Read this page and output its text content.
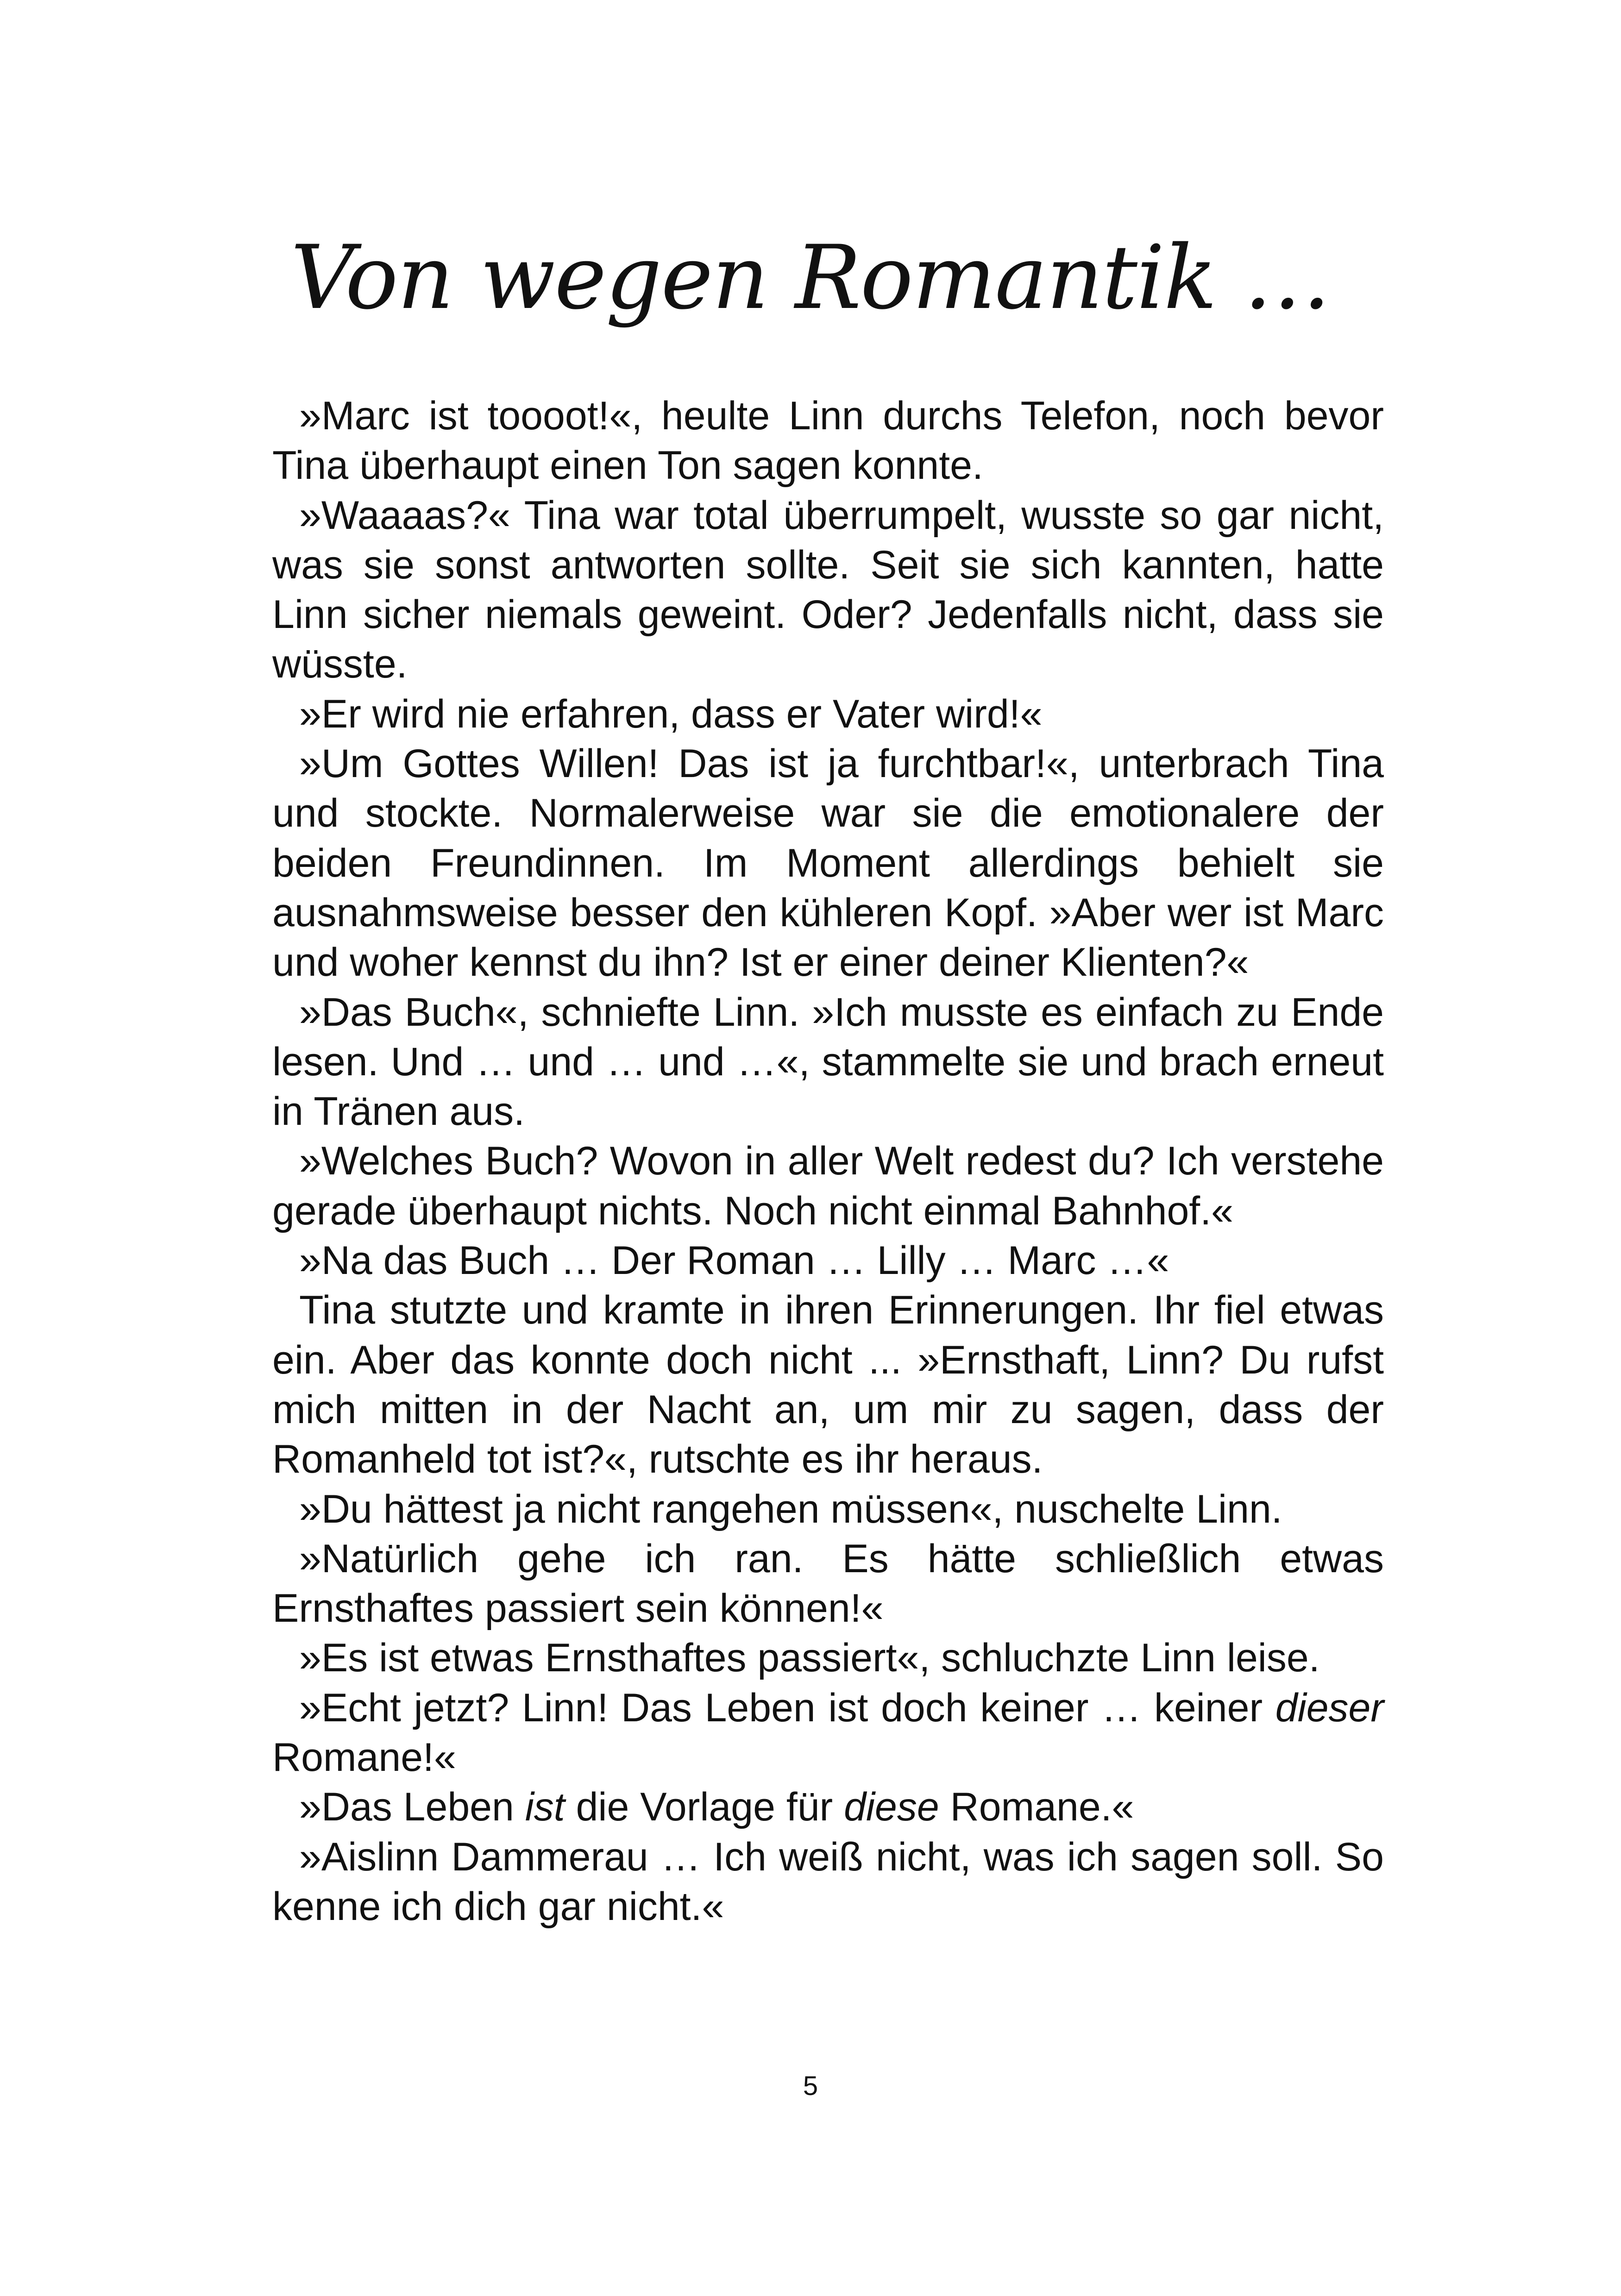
Von wegen Romantik …

»Marc ist toooot!«, heulte Linn durchs Telefon, noch bevor Tina überhaupt einen Ton sagen konnte.

»Waaaas?« Tina war total überrumpelt, wusste so gar nicht, was sie sonst antworten sollte. Seit sie sich kannten, hatte Linn sicher niemals geweint. Oder? Jedenfalls nicht, dass sie wüsste.

»Er wird nie erfahren, dass er Vater wird!«

»Um Gottes Willen! Das ist ja furchtbar!«, unterbrach Tina und stockte. Normalerweise war sie die emotionalere der beiden Freundinnen. Im Moment allerdings behielt sie ausnahmsweise besser den kühleren Kopf. »Aber wer ist Marc und woher kennst du ihn? Ist er einer deiner Klienten?«

»Das Buch«, schniefte Linn. »Ich musste es einfach zu Ende lesen. Und … und … und …«, stammelte sie und brach erneut in Tränen aus.

»Welches Buch? Wovon in aller Welt redest du? Ich verstehe gerade überhaupt nichts. Noch nicht einmal Bahnhof.«

»Na das Buch … Der Roman … Lilly … Marc …«

Tina stutzte und kramte in ihren Erinnerungen. Ihr fiel etwas ein. Aber das konnte doch nicht ... »Ernsthaft, Linn? Du rufst mich mitten in der Nacht an, um mir zu sagen, dass der Romanheld tot ist?«, rutschte es ihr heraus.

»Du hättest ja nicht rangehen müssen«, nuschelte Linn.

»Natürlich gehe ich ran. Es hätte schließlich etwas Ernsthaftes passiert sein können!«

»Es ist etwas Ernsthaftes passiert«, schluchzte Linn leise.

»Echt jetzt? Linn! Das Leben ist doch keiner … keiner dieser Romane!«

»Das Leben ist die Vorlage für diese Romane.«

»Aislinn Dammerau … Ich weiß nicht, was ich sagen soll. So kenne ich dich gar nicht.«

5
